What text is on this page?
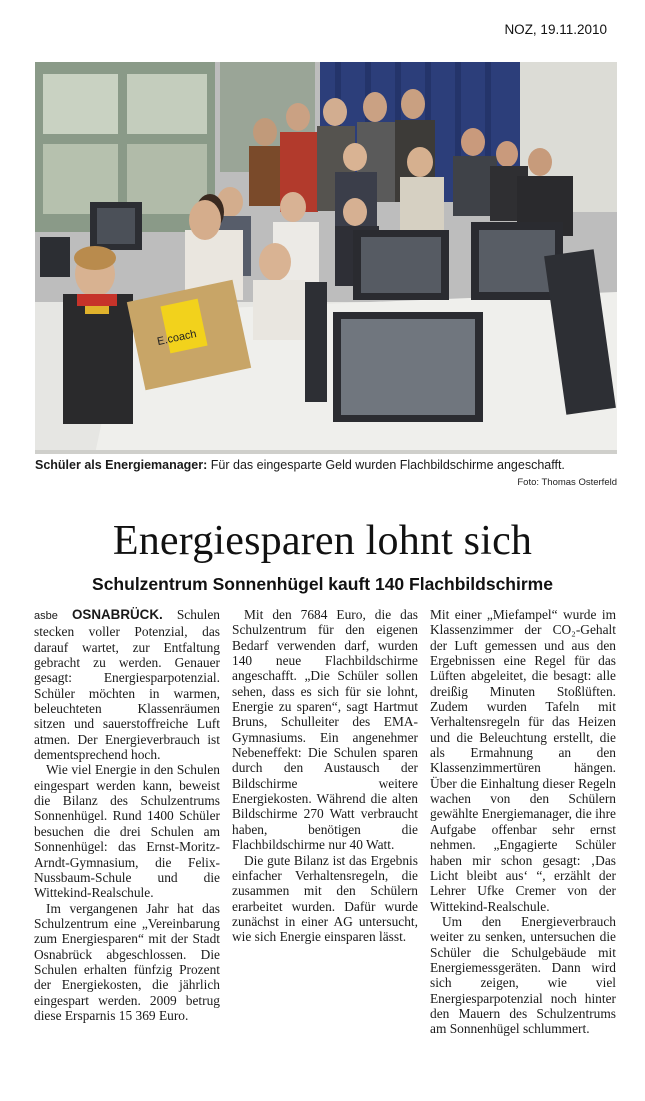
NOZ, 19.11.2010
E.coach
Schüler als Energiemanager: Für das eingesparte Geld wurden Flachbildschirme angeschafft.
Foto: Thomas Osterfeld
Energiesparen lohnt sich
Schulzentrum Sonnenhügel kauft 140 Flachbildschirme

asbe OSNABRÜCK. Schulen stecken voller Potenzial, das darauf wartet, zur Entfaltung gebracht zu werden. Genauer gesagt: Energiesparpotenzial. Schüler möchten in warmen, beleuchteten Klassenräumen sitzen und sauerstoffreiche Luft atmen. Der Energieverbrauch ist dementsprechend hoch.

Wie viel Energie in den Schulen eingespart werden kann, beweist die Bilanz des Schulzentrums Sonnenhügel. Rund 1400 Schüler besuchen die drei Schulen am Sonnenhügel: das Ernst-Moritz-Arndt-Gymnasium, die Felix-Nussbaum-Schule und die Wittekind-Realschule.

Im vergangenen Jahr hat das Schulzentrum eine „Vereinbarung zum Energiesparen“ mit der Stadt Osnabrück abgeschlossen. Die Schulen erhalten fünfzig Prozent der Energiekosten, die jährlich eingespart werden. 2009 betrug diese Ersparnis 15 369 Euro.

Mit den 7684 Euro, die das Schulzentrum für den eigenen Bedarf verwenden darf, wurden 140 neue Flachbildschirme angeschafft. „Die Schüler sollen sehen, dass es sich für sie lohnt, Energie zu sparen“, sagt Hartmut Bruns, Schulleiter des EMA-Gymnasiums. Ein angenehmer Nebeneffekt: Die Schulen sparen durch den Austausch der Bildschirme weitere Energiekosten. Während die alten Bildschirme 270 Watt verbraucht haben, benötigen die Flachbildschirme nur 40 Watt.

Die gute Bilanz ist das Ergebnis einfacher Verhaltensregeln, die zusammen mit den Schülern erarbeitet wurden. Dafür wurde zunächst in einer AG untersucht, wie sich Energie einsparen lässt.

Mit einer „Miefampel“ wurde im Klassenzimmer der CO₂-Gehalt der Luft gemessen und aus den Ergebnissen eine Regel für das Lüften abgeleitet, die besagt: alle dreißig Minuten Stoßlüften. Zudem wurden Tafeln mit Verhaltensregeln für das Heizen und die Beleuchtung erstellt, die als Ermahnung an den Klassenzimmertüren hängen. Über die Einhaltung dieser Regeln wachen von den Schülern gewählte Energiemanager, die ihre Aufgabe offenbar sehr ernst nehmen. „Engagierte Schüler haben mir schon gesagt: ‚Das Licht bleibt aus‘ “, erzählt der Lehrer Ufke Cremer von der Wittekind-Realschule.

Um den Energieverbrauch weiter zu senken, untersuchen die Schüler die Schulgebäude mit Energiemessgeräten. Dann wird sich zeigen, wie viel Energiesparpotenzial noch hinter den Mauern des Schulzentrums am Sonnenhügel schlummert.
